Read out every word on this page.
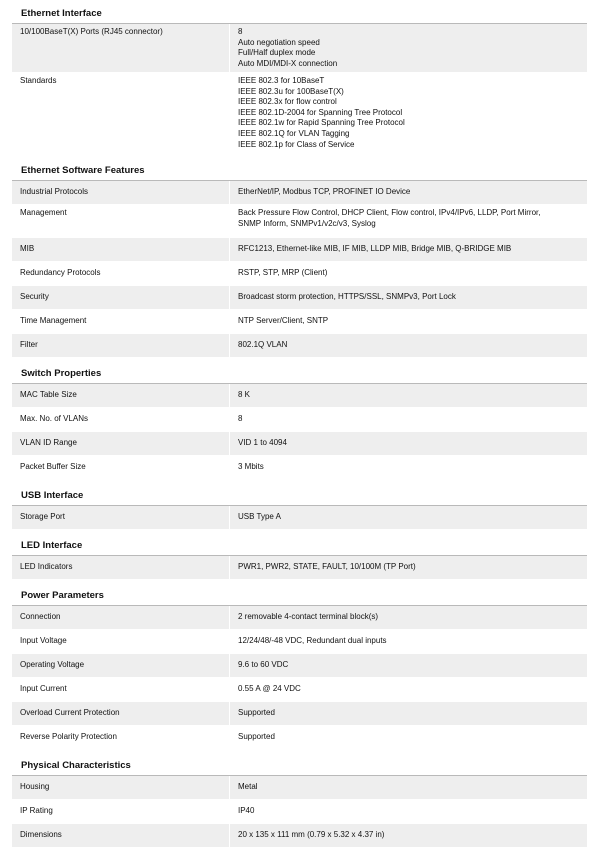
Ethernet Interface
10/100BaseT(X) Ports (RJ45 connector)	8
Auto negotiation speed
Full/Half duplex mode
Auto MDI/MDI-X connection
Standards	IEEE 802.3 for 10BaseT
IEEE 802.3u for 100BaseT(X)
IEEE 802.3x for flow control
IEEE 802.1D-2004 for Spanning Tree Protocol
IEEE 802.1w for Rapid Spanning Tree Protocol
IEEE 802.1Q for VLAN Tagging
IEEE 802.1p for Class of Service
Ethernet Software Features
Industrial Protocols	EtherNet/IP, Modbus TCP, PROFINET IO Device
Management	Back Pressure Flow Control, DHCP Client, Flow control, IPv4/IPv6, LLDP, Port Mirror,
SNMP Inform, SNMPv1/v2c/v3, Syslog
MIB	RFC1213, Ethernet-like MIB, IF MIB, LLDP MIB, Bridge MIB, Q-BRIDGE MIB
Redundancy Protocols	RSTP, STP, MRP (Client)
Security	Broadcast storm protection, HTTPS/SSL, SNMPv3, Port Lock
Time Management	NTP Server/Client, SNTP
Filter	802.1Q VLAN
Switch Properties
MAC Table Size	8 K
Max. No. of VLANs	8
VLAN ID Range	VID 1 to 4094
Packet Buffer Size	3 Mbits
USB Interface
Storage Port	USB Type A
LED Interface
LED Indicators	PWR1, PWR2, STATE, FAULT, 10/100M (TP Port)
Power Parameters
Connection	2 removable 4-contact terminal block(s)
Input Voltage	12/24/48/-48 VDC, Redundant dual inputs
Operating Voltage	9.6 to 60 VDC
Input Current	0.55 A @ 24 VDC
Overload Current Protection	Supported
Reverse Polarity Protection	Supported
Physical Characteristics
Housing	Metal
IP Rating	IP40
Dimensions	20 x 135 x 111 mm (0.79 x 5.32 x 4.37 in)
